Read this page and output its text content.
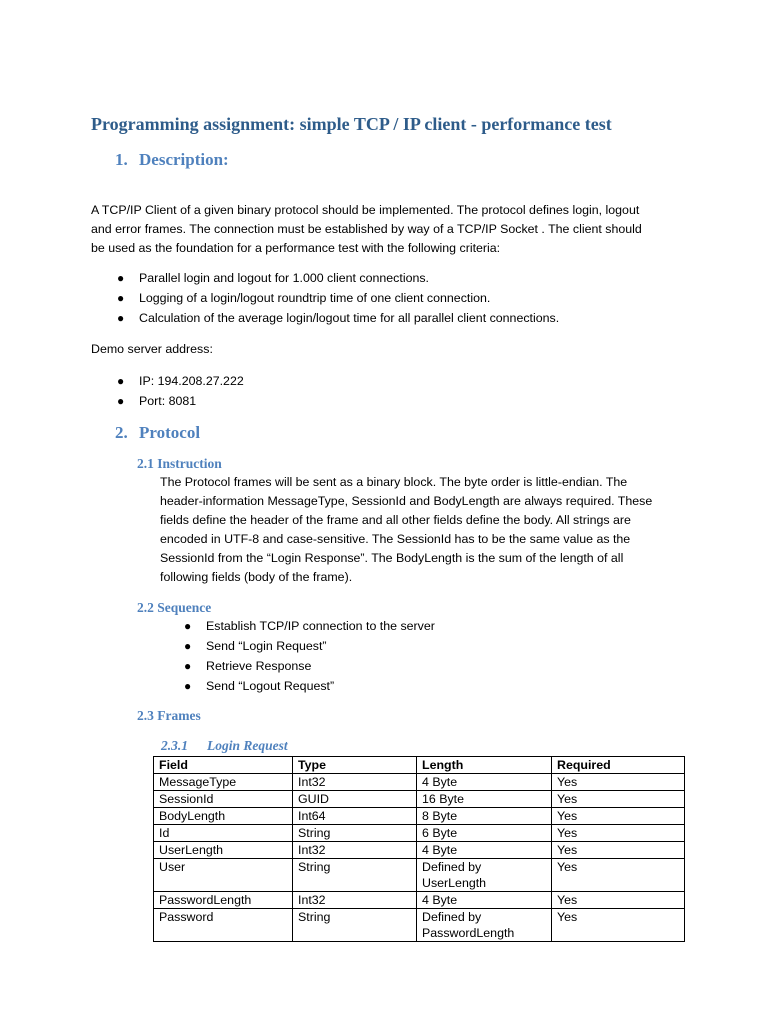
Programming assignment: simple TCP / IP client - performance test
1. Description:

A TCP/IP Client of a given binary protocol should be implemented. The protocol defines login, logout
and error frames. The connection must be established by way of a TCP/IP Socket . The client should
be used as the foundation for a performance test with the following criteria:

● Parallel login and logout for 1.000 client connections.
● Logging of a login/logout roundtrip time of one client connection.
● Calculation of the average login/logout time for all parallel client connections.

Demo server address:

● IP: 194.208.27.222
● Port: 8081
2. Protocol
2.1 Instruction

The Protocol frames will be sent as a binary block. The byte order is little-endian. The
header-information MessageType, SessionId and BodyLength are always required. These
fields define the header of the frame and all other fields define the body. All strings are
encoded in UTF-8 and case-sensitive. The SessionId has to be the same value as the
SessionId from the “Login Response”. The BodyLength is the sum of the length of all
following fields (body of the frame).

2.2 Sequence
● Establish TCP/IP connection to the server
● Send “Login Request”
● Retrieve Response
● Send “Logout Request”
2.3 Frames
2.3.1 Login Request
Field	Type	Length	Required
MessageType	Int32	4 Byte	Yes
SessionId	GUID	16 Byte	Yes
BodyLength	Int64	8 Byte	Yes
Id	String	6 Byte	Yes
UserLength	Int32	4 Byte	Yes
User	String	Defined by
UserLength	Yes
PasswordLength	Int32	4 Byte	Yes
Password	String	Defined by
PasswordLength	Yes
